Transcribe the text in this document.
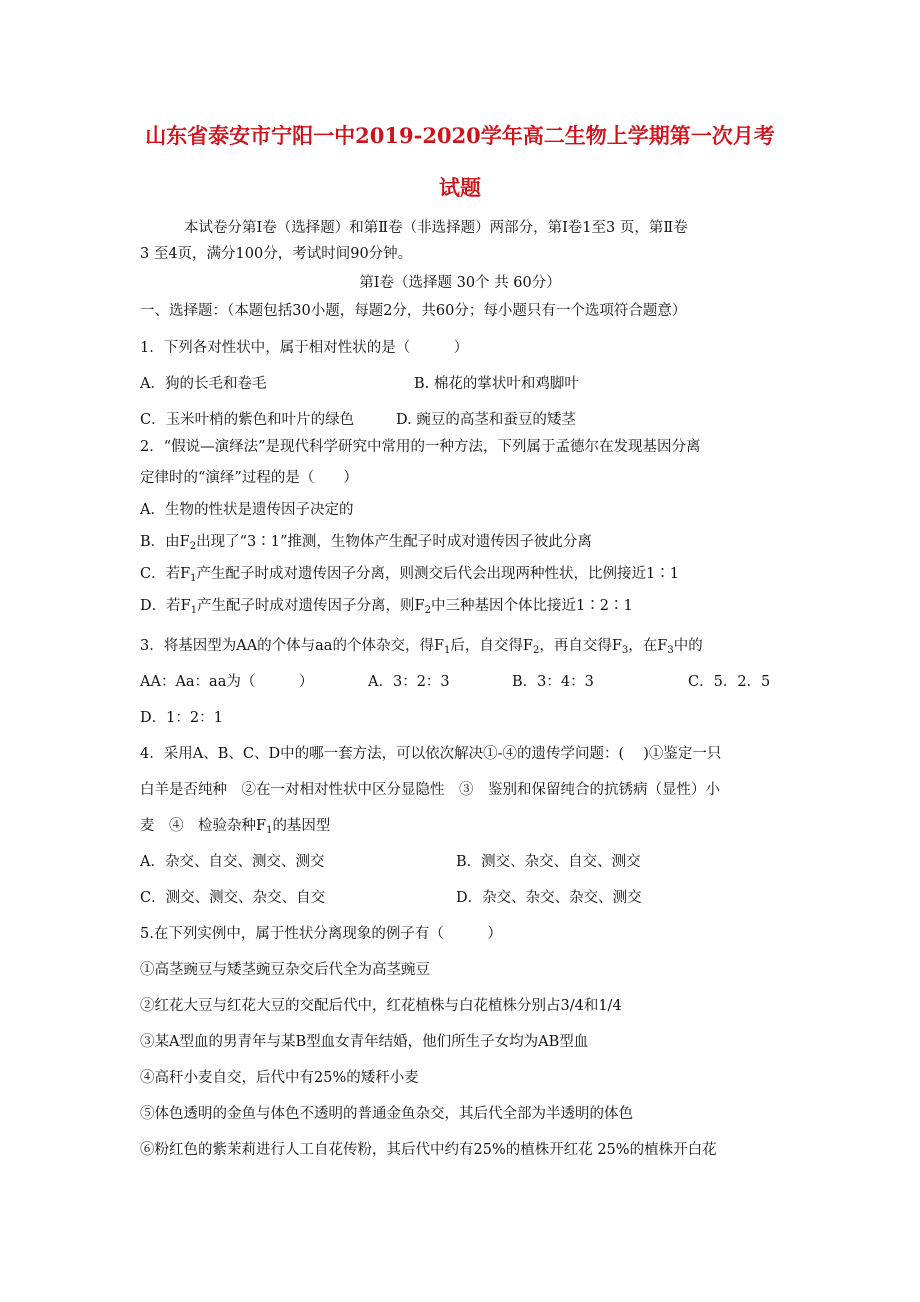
山东省泰安市宁阳一中2019-2020学年高二生物上学期第一次月考
试题
本试卷分第Ⅰ卷（选择题）和第Ⅱ卷（非选择题）两部分，第Ⅰ卷1至3 页，第Ⅱ卷
3 至4页，满分100分，考试时间90分钟。
第Ⅰ卷（选择题 30个 共 60分）
一、选择题：（本题包括30小题，每题2分，共60分；每小题只有一个选项符合题意）
1．下列各对性状中，属于相对性状的是（　　　）
A．狗的长毛和卷毛	B. 棉花的掌状叶和鸡脚叶
C．玉米叶梢的紫色和叶片的绿色	D. 豌豆的高茎和蚕豆的矮茎
2．“假说—演绎法”是现代科学研究中常用的一种方法，下列属于孟德尔在发现基因分离
定律时的“演绎”过程的是（　　）
A．生物的性状是遗传因子决定的
B．由$F_2$出现了“3∶1”推测，生物体产生配子时成对遗传因子彼此分离
C．若$F_1$产生配子时成对遗传因子分离，则测交后代会出现两种性状，比例接近1∶1
D．若$F_1$产生配子时成对遗传因子分离，则$F_2$中三种基因个体比接近1∶2∶1
3．将基因型为AA的个体与aa的个体杂交，得$F_1$后，自交得$F_2$，再自交得$F_3$，在$F_3$中的
AA：Aa：aa为（　　　）	A．3：2：3	B．3：4：3	C．5．2．5
D．1：2：1
4．采用A、B、C、D中的哪一套方法，可以依次解决①-④的遗传学问题：(　 )①鉴定一只
白羊是否纯种　②在一对相对性状中区分显隐性　③　鉴别和保留纯合的抗锈病（显性）小
麦　④　检验杂种$F_1$的基因型
A．杂交、自交、测交、测交	B．测交、杂交、自交、测交
C．测交、测交、杂交、自交	D．杂交、杂交、杂交、测交
5.在下列实例中，属于性状分离现象的例子有（　　　）
①高茎豌豆与矮茎豌豆杂交后代全为高茎豌豆
②红花大豆与红花大豆的交配后代中，红花植株与白花植株分别占3/4和1/4
③某A型血的男青年与某B型血女青年结婚，他们所生子女均为AB型血
④高秆小麦自交，后代中有25%的矮秆小麦
⑤体色透明的金鱼与体色不透明的普通金鱼杂交，其后代全部为半透明的体色
⑥粉红色的紫茉莉进行人工自花传粉，其后代中约有25%的植株开红花 25%的植株开白花
